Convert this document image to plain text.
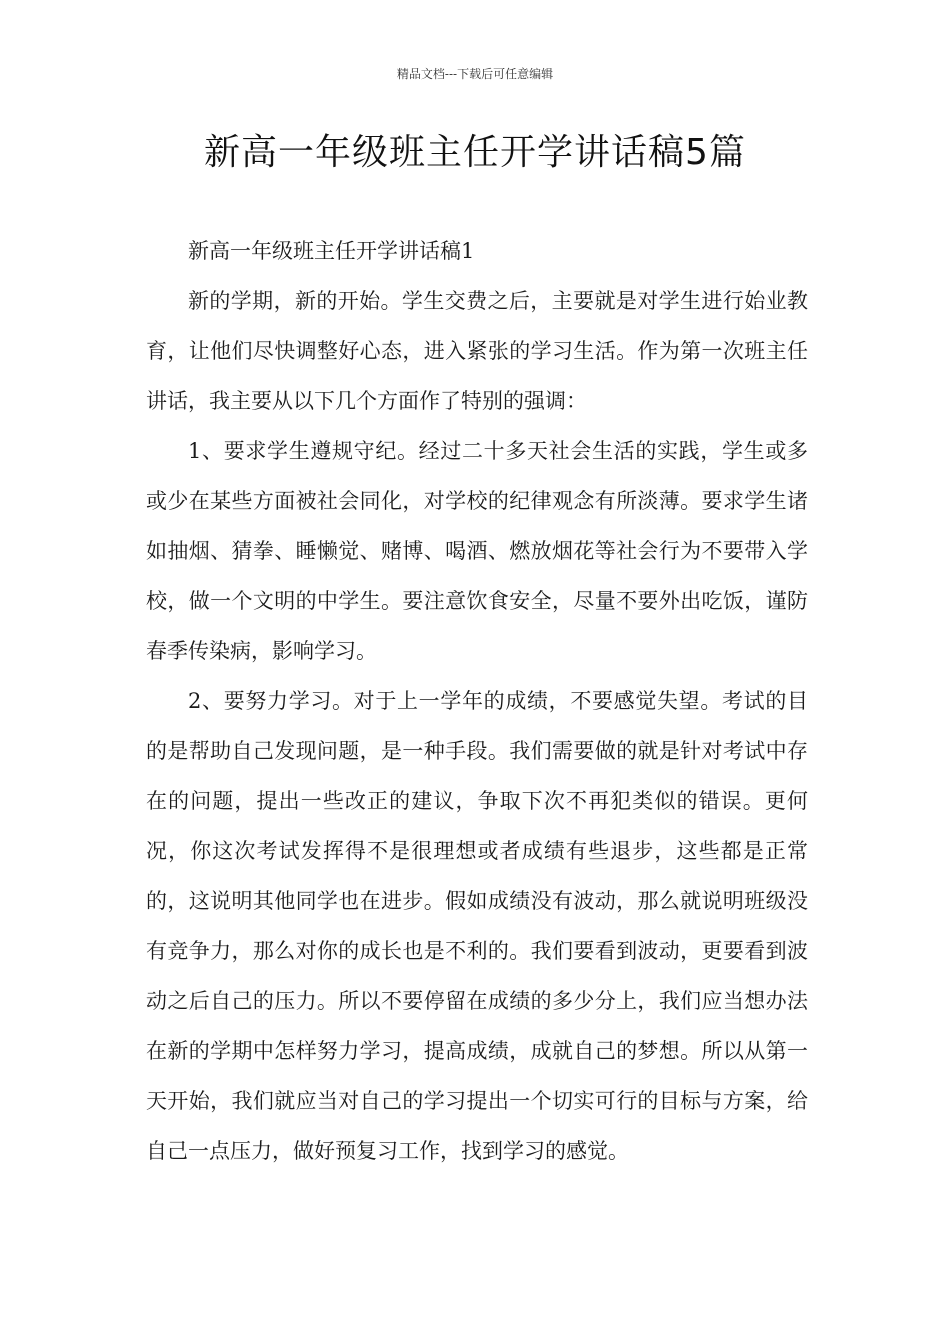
精品文档---下载后可任意编辑
新高一年级班主任开学讲话稿5篇

新高一年级班主任开学讲话稿1

新的学期，新的开始。学生交费之后，主要就是对学生进行始业教育，让他们尽快调整好心态，进入紧张的学习生活。作为第一次班主任讲话，我主要从以下几个方面作了特别的强调：

1、要求学生遵规守纪。经过二十多天社会生活的实践，学生或多或少在某些方面被社会同化，对学校的纪律观念有所淡薄。要求学生诸如抽烟、猜拳、睡懒觉、赌博、喝酒、燃放烟花等社会行为不要带入学校，做一个文明的中学生。要注意饮食安全，尽量不要外出吃饭，谨防春季传染病，影响学习。

2、要努力学习。对于上一学年的成绩，不要感觉失望。考试的目的是帮助自己发现问题，是一种手段。我们需要做的就是针对考试中存在的问题，提出一些改正的建议，争取下次不再犯类似的错误。更何况，你这次考试发挥得不是很理想或者成绩有些退步，这些都是正常的，这说明其他同学也在进步。假如成绩没有波动，那么就说明班级没有竞争力，那么对你的成长也是不利的。我们要看到波动，更要看到波动之后自己的压力。所以不要停留在成绩的多少分上，我们应当想办法在新的学期中怎样努力学习，提高成绩，成就自己的梦想。所以从第一天开始，我们就应当对自己的学习提出一个切实可行的目标与方案，给自己一点压力，做好预复习工作，找到学习的感觉。
